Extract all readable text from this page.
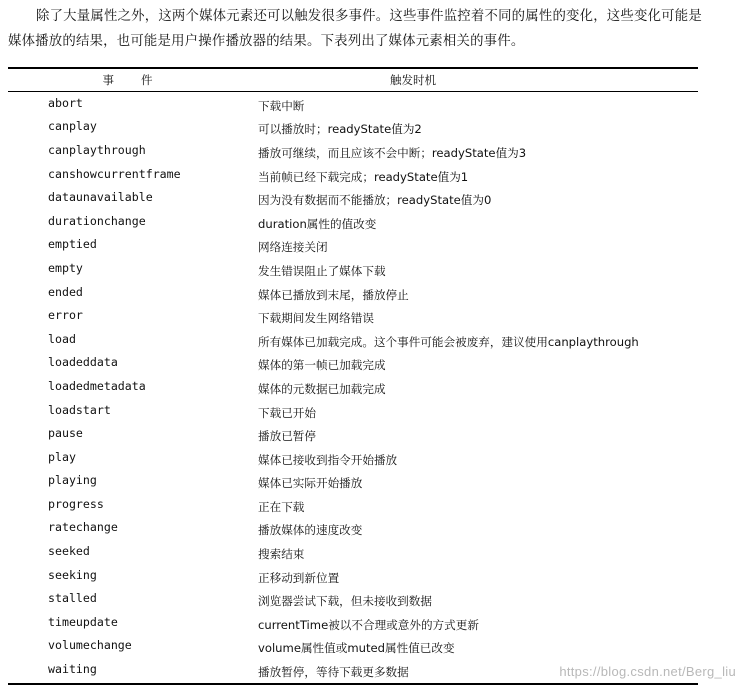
除了大量属性之外，这两个媒体元素还可以触发很多事件。这些事件监控着不同的属性的变化，这些变化可能是媒体播放的结果，也可能是用户操作播放器的结果。下表列出了媒体元素相关的事件。

事 件	触发时机
abort	下载中断
canplay	可以播放时；readyState值为2
canplaythrough	播放可继续，而且应该不会中断；readyState值为3
canshowcurrentframe	当前帧已经下载完成；readyState值为1
dataunavailable	因为没有数据而不能播放；readyState值为0
durationchange	duration属性的值改变
emptied	网络连接关闭
empty	发生错误阻止了媒体下载
ended	媒体已播放到末尾，播放停止
error	下载期间发生网络错误
load	所有媒体已加载完成。这个事件可能会被废弃，建议使用canplaythrough
loadeddata	媒体的第一帧已加载完成
loadedmetadata	媒体的元数据已加载完成
loadstart	下载已开始
pause	播放已暂停
play	媒体已接收到指令开始播放
playing	媒体已实际开始播放
progress	正在下载
ratechange	播放媒体的速度改变
seeked	搜索结束
seeking	正移动到新位置
stalled	浏览器尝试下载，但未接收到数据
timeupdate	currentTime被以不合理或意外的方式更新
volumechange	volume属性值或muted属性值已改变
waiting	播放暂停，等待下载更多数据	https://blog.csdn.net/Berg_liu
